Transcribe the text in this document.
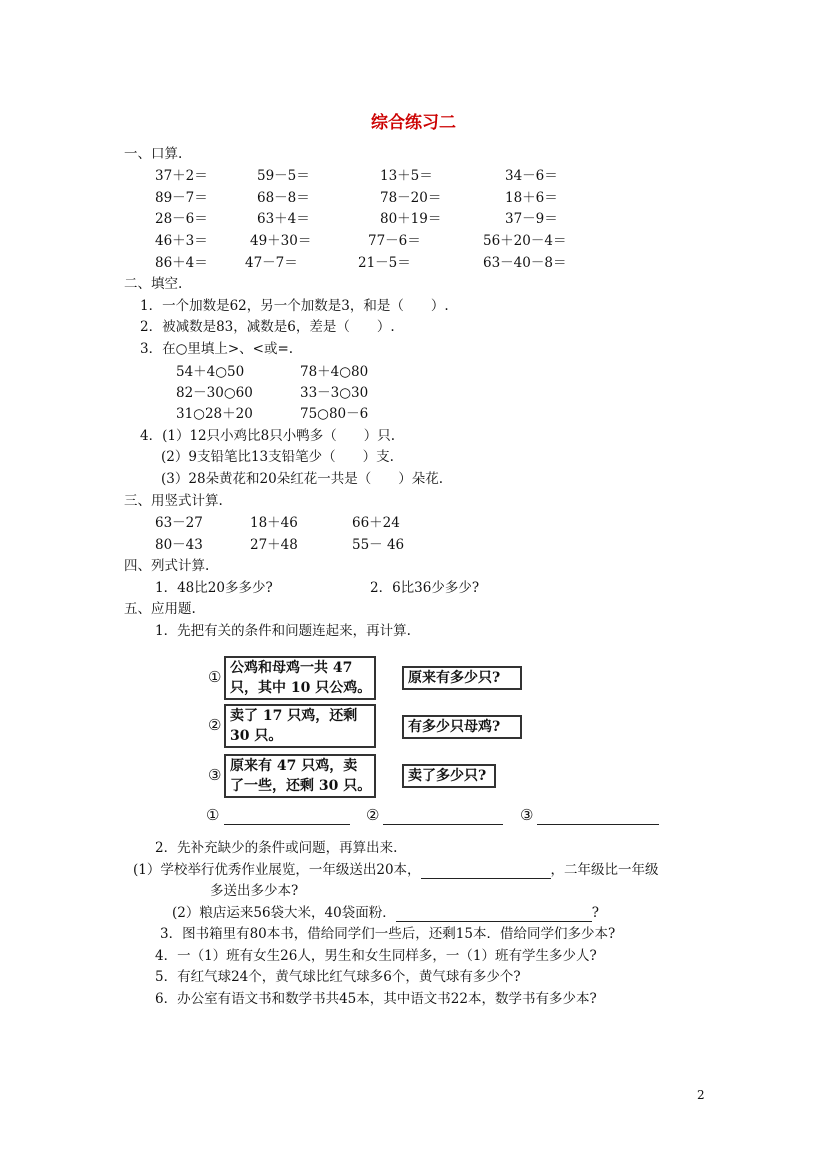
综合练习二
一、口算.
37＋2＝	59－5＝	13＋5＝	34－6＝
89－7＝	68－8＝	78－20＝	18＋6＝
28－6＝	63＋4＝	80＋19＝	37－9＝
46＋3＝	49＋30＝	77－6＝	56＋20－4＝
86＋4＝	47－7＝	21－5＝	63－40－8＝
二、填空.
1．一个加数是62，另一个加数是3，和是（　　）.
2．被减数是83，减数是6，差是（　　）.
3．在○里填上>、<或=.
54＋4○50	78＋4○80
82－30○60	33－3○30
31○28＋20	75○80－6
4．(1）12只小鸡比8只小鸭多（　　）只.
(2）9支铅笔比13支铅笔少（　　）支.
(3）28朵黄花和20朵红花一共是（　　）朵花.
三、用竖式计算.
63－27	18＋46	66＋24
80－43	27＋48	55－ 46
四、列式计算.
1．48比20多多少?	2．6比36少多少?
五、应用题.
1．先把有关的条件和问题连起来，再计算.
①
②
③
公鸡和母鸡一共 47
只，其中 10 只公鸡。
卖了 17 只鸡，还剩
30 只。
原来有 47 只鸡，卖
了一些，还剩 30 只。
原来有多少只?
有多少只母鸡?
卖了多少只?
①	②	③
2．先补充缺少的条件或问题，再算出来.
(1）学校举行优秀作业展览，一年级送出20本，	，二年级比一年级
多送出多少本?
(2）粮店运来56袋大米，40袋面粉．	?
3．图书箱里有80本书，借给同学们一些后，还剩15本．借给同学们多少本?
4．一（1）班有女生26人，男生和女生同样多，一（1）班有学生多少人?
5．有红气球24个，黄气球比红气球多6个，黄气球有多少个?
6．办公室有语文书和数学书共45本，其中语文书22本，数学书有多少本?
2
